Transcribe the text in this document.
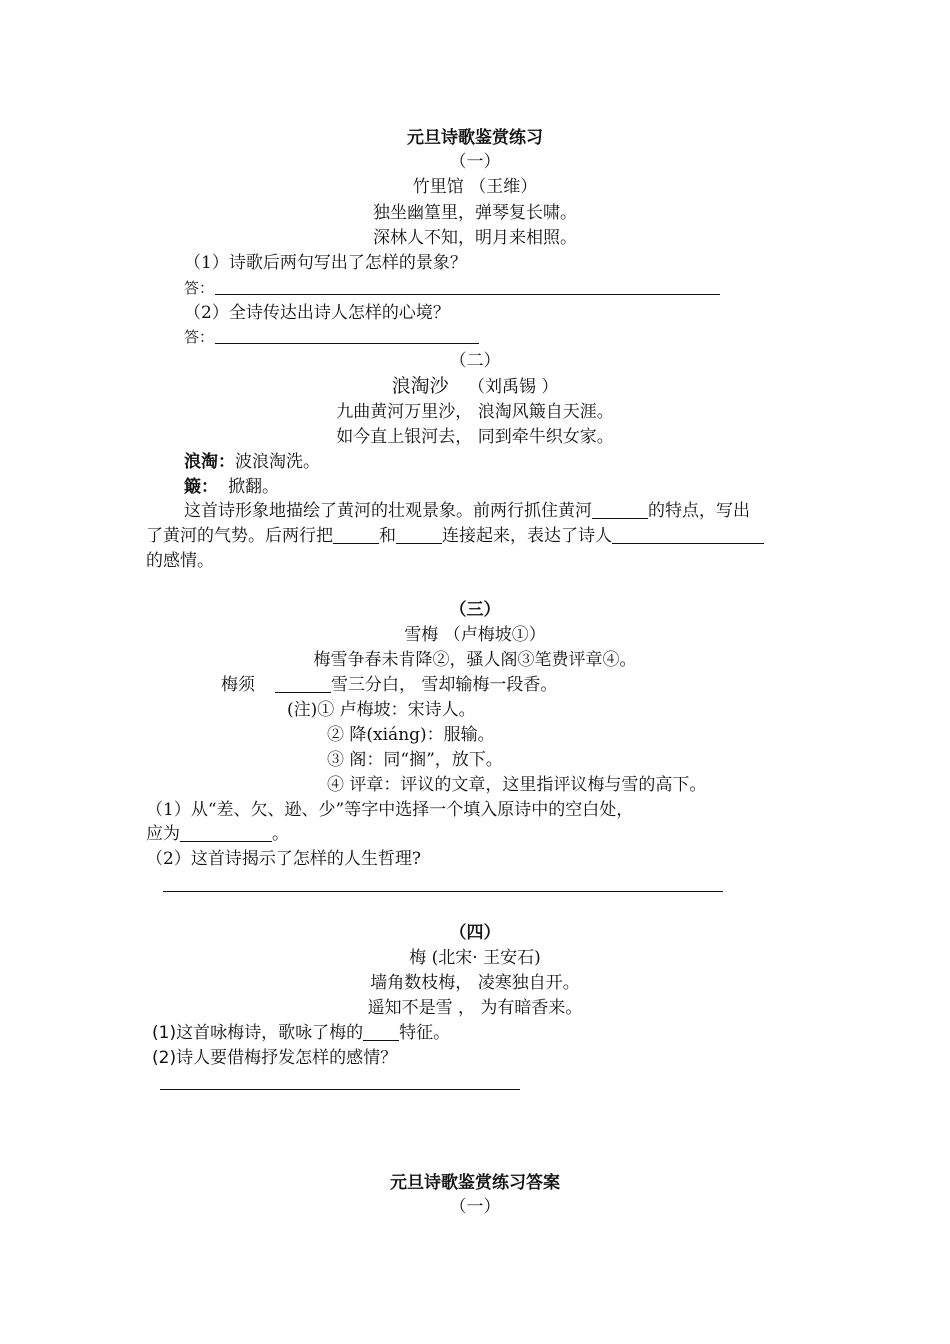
元旦诗歌鉴赏练习
（一）
竹里馆 （王维）
独坐幽篁里，弹琴复长啸。
深林人不知，明月来相照。
（1）诗歌后两句写出了怎样的景象？
答：
（2）全诗传达出诗人怎样的心境？
答：
（二）
浪淘沙 （刘禹锡 ）
九曲黄河万里沙， 浪淘风簸自天涯。
如今直上银河去， 同到牵牛织女家。
浪淘：波浪淘洗。
簸： 掀翻。
这首诗形象地描绘了黄河的壮观景象。前两行抓住黄河	的特点，写出
了黄河的气势。后两行把	和	连接起来，表达了诗人
的感情。
（三）
雪梅 （卢梅坡①）
梅雪争春未肯降②，骚人阁③笔费评章④。
梅须	雪三分白， 雪却输梅一段香。
(注)① 卢梅坡：宋诗人。
② 降(xiáng)：服输。
③ 阁：同“搁”，放下。
④ 评章：评议的文章，这里指评议梅与雪的高下。
（1）从“差、欠、逊、少”等字中选择一个填入原诗中的空白处，
应为	。
（2）这首诗揭示了怎样的人生哲理?
（四）
梅 (北宋· 王安石)
墙角数枝梅， 凌寒独自开。
遥知不是雪 ， 为有暗香来。
(1)这首咏梅诗，歌咏了梅的 特征。
(2)诗人要借梅抒发怎样的感情？
元旦诗歌鉴赏练习答案
（一）
